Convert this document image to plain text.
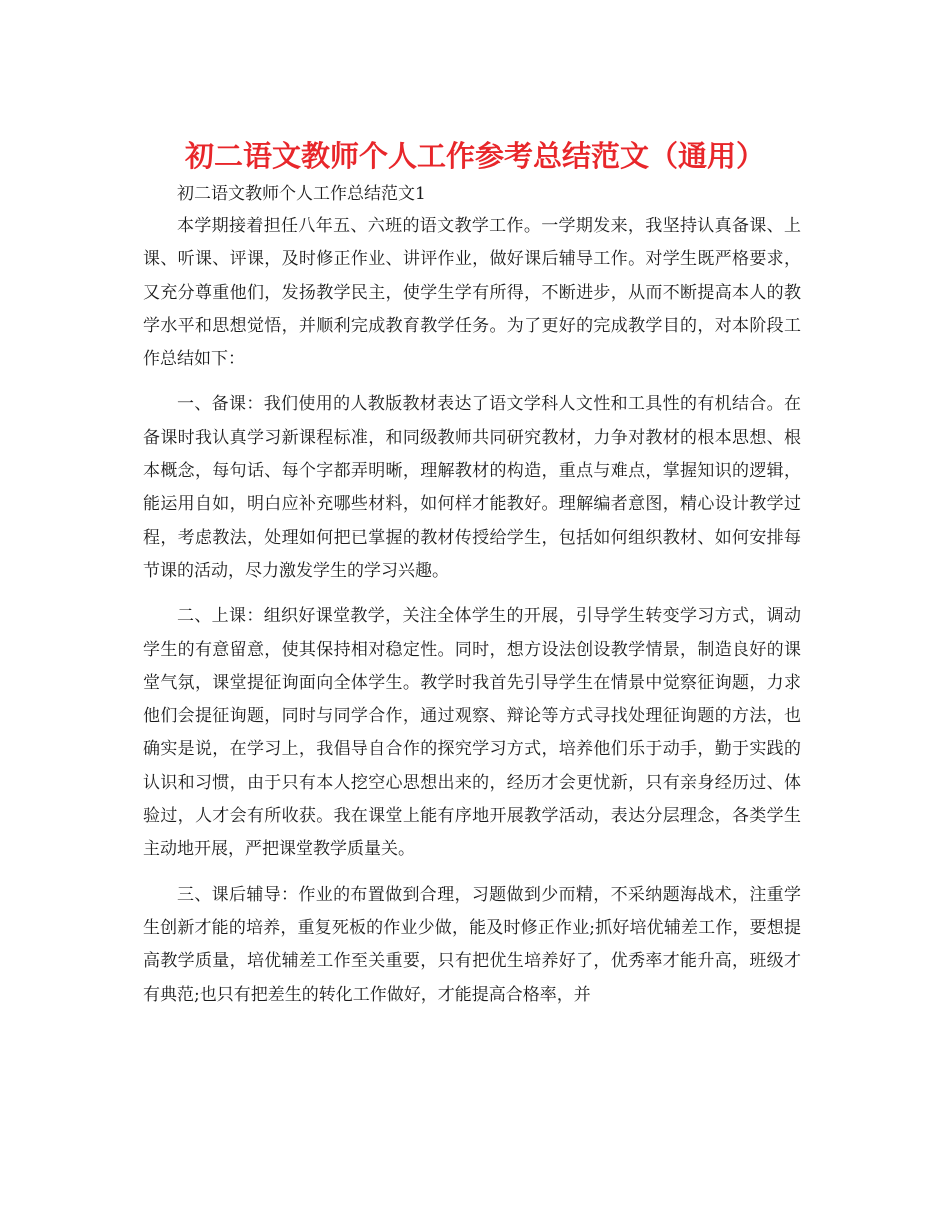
初二语文教师个人工作参考总结范文（通用）

初二语文教师个人工作总结范文1

本学期接着担任八年五、六班的语文教学工作。一学期发来，我坚持认真备课、上课、听课、评课，及时修正作业、讲评作业，做好课后辅导工作。对学生既严格要求，又充分尊重他们，发扬教学民主，使学生学有所得，不断进步，从而不断提高本人的教学水平和思想觉悟，并顺利完成教育教学任务。为了更好的完成教学目的，对本阶段工作总结如下：

一、备课：我们使用的人教版教材表达了语文学科人文性和工具性的有机结合。在备课时我认真学习新课程标准，和同级教师共同研究教材，力争对教材的根本思想、根本概念，每句话、每个字都弄明晰，理解教材的构造，重点与难点，掌握知识的逻辑，能运用自如，明白应补充哪些材料，如何样才能教好。理解编者意图，精心设计教学过程，考虑教法，处理如何把已掌握的教材传授给学生，包括如何组织教材、如何安排每节课的活动，尽力激发学生的学习兴趣。

二、上课：组织好课堂教学，关注全体学生的开展，引导学生转变学习方式，调动学生的有意留意，使其保持相对稳定性。同时，想方设法创设教学情景，制造良好的课堂气氛，课堂提征询面向全体学生。教学时我首先引导学生在情景中觉察征询题，力求他们会提征询题，同时与同学合作，通过观察、辩论等方式寻找处理征询题的方法，也确实是说，在学习上，我倡导自合作的探究学习方式，培养他们乐于动手，勤于实践的认识和习惯，由于只有本人挖空心思想出来的，经历才会更忧新，只有亲身经历过、体验过，人才会有所收获。我在课堂上能有序地开展教学活动，表达分层理念，各类学生主动地开展，严把课堂教学质量关。

三、课后辅导：作业的布置做到合理，习题做到少而精，不采纳题海战术，注重学生创新才能的培养，重复死板的作业少做，能及时修正作业;抓好培优辅差工作，要想提高教学质量，培优辅差工作至关重要，只有把优生培养好了，优秀率才能升高，班级才有典范;也只有把差生的转化工作做好，才能提高合格率，并
